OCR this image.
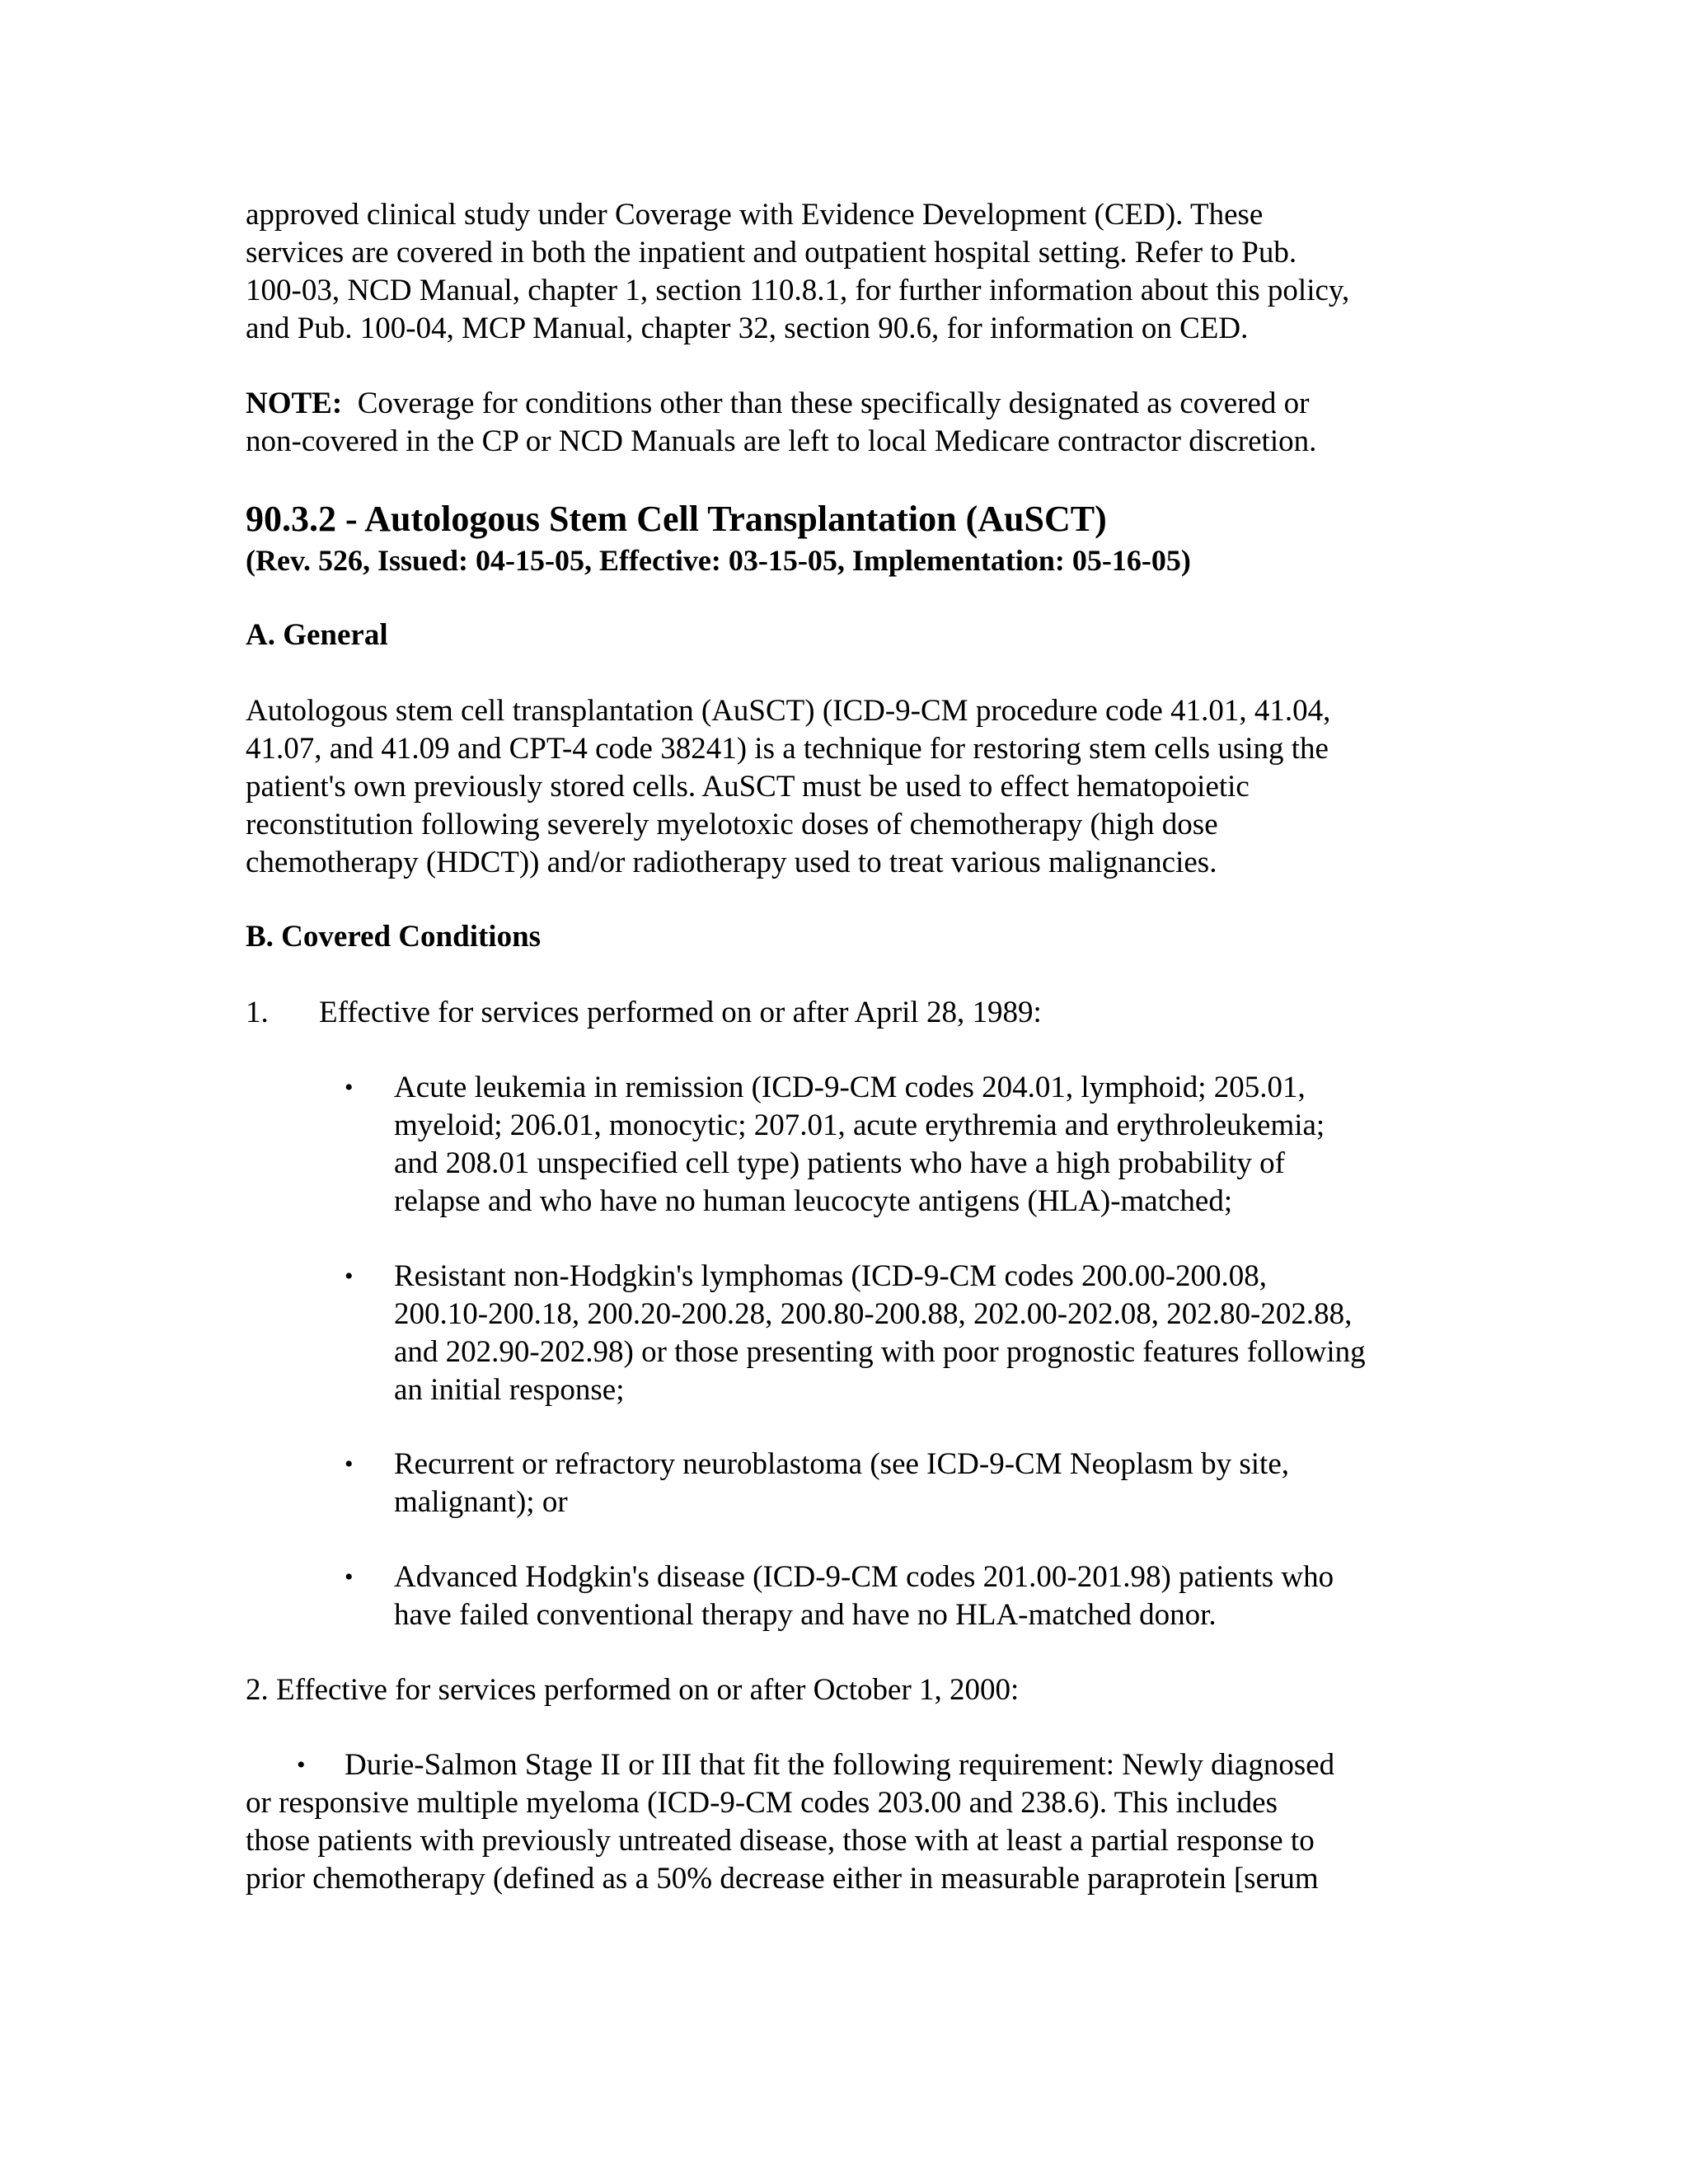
approved clinical study under Coverage with Evidence Development (CED). These
services are covered in both the inpatient and outpatient hospital setting. Refer to Pub.
100-03, NCD Manual, chapter 1, section 110.8.1, for further information about this policy,
and Pub. 100-04, MCP Manual, chapter 32, section 90.6, for information on CED.
NOTE:  Coverage for conditions other than these specifically designated as covered or
non-covered in the CP or NCD Manuals are left to local Medicare contractor discretion.
90.3.2 - Autologous Stem Cell Transplantation (AuSCT)
(Rev. 526, Issued: 04-15-05, Effective: 03-15-05, Implementation: 05-16-05)
A. General
Autologous stem cell transplantation (AuSCT) (ICD-9-CM procedure code 41.01, 41.04,
41.07, and 41.09 and CPT-4 code 38241) is a technique for restoring stem cells using the
patient's own previously stored cells. AuSCT must be used to effect hematopoietic
reconstitution following severely myelotoxic doses of chemotherapy (high dose
chemotherapy (HDCT)) and/or radiotherapy used to treat various malignancies.
B. Covered Conditions
1. Effective for services performed on or after April 28, 1989:
•	Acute leukemia in remission (ICD-9-CM codes 204.01, lymphoid; 205.01,
myeloid; 206.01, monocytic; 207.01, acute erythremia and erythroleukemia;
and 208.01 unspecified cell type) patients who have a high probability of
relapse and who have no human leucocyte antigens (HLA)-matched;
•	Resistant non-Hodgkin's lymphomas (ICD-9-CM codes 200.00-200.08,
200.10-200.18, 200.20-200.28, 200.80-200.88, 202.00-202.08, 202.80-202.88,
and 202.90-202.98) or those presenting with poor prognostic features following
an initial response;
•	Recurrent or refractory neuroblastoma (see ICD-9-CM Neoplasm by site,
malignant); or
•	Advanced Hodgkin's disease (ICD-9-CM codes 201.00-201.98) patients who
have failed conventional therapy and have no HLA-matched donor.
2. Effective for services performed on or after October 1, 2000:
•	Durie-Salmon Stage II or III that fit the following requirement: Newly diagnosed
or responsive multiple myeloma (ICD-9-CM codes 203.00 and 238.6). This includes
those patients with previously untreated disease, those with at least a partial response to
prior chemotherapy (defined as a 50% decrease either in measurable paraprotein [serum
